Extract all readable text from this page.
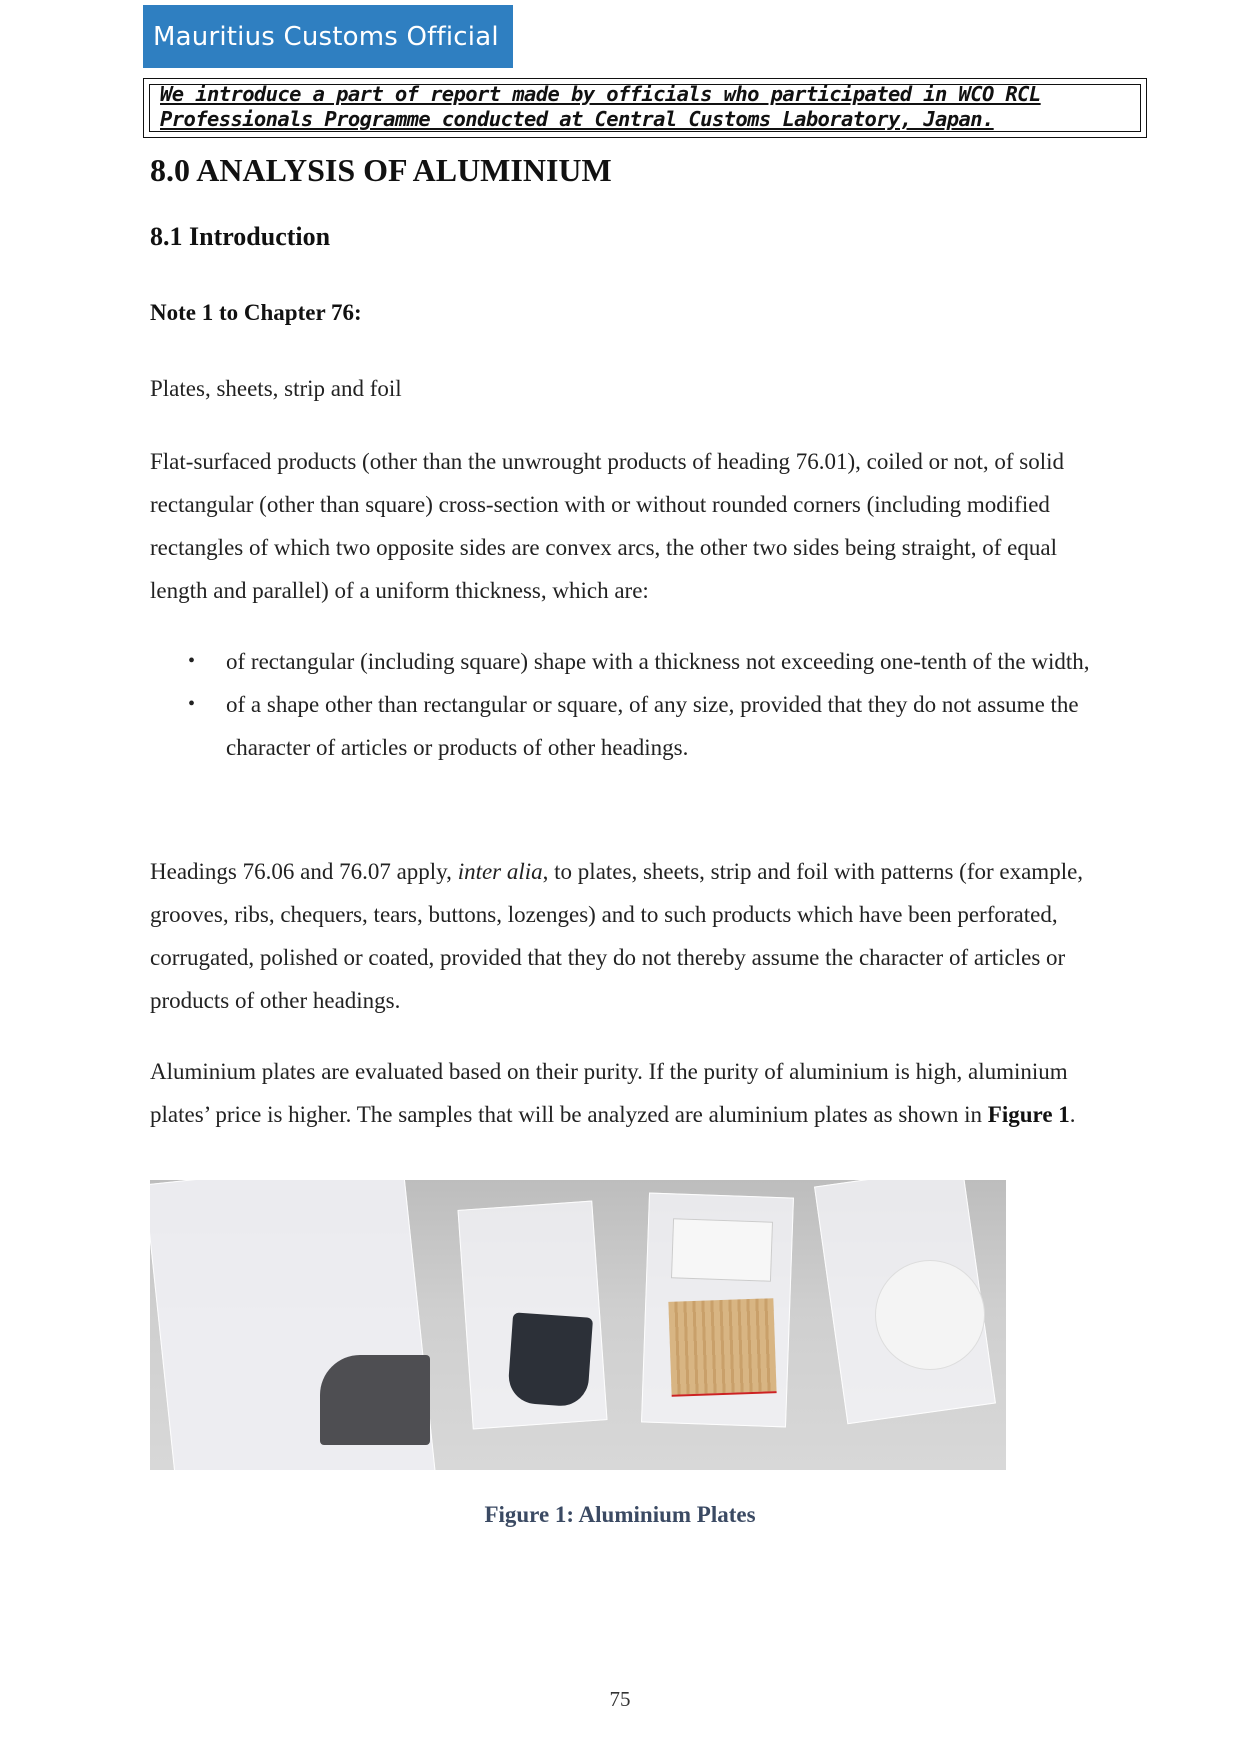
Mauritius Customs Official
We introduce a part of report made by officials who participated in WCO RCL
Professionals Programme conducted at Central Customs Laboratory, Japan.
8.0 ANALYSIS OF ALUMINIUM
8.1 Introduction
Note 1 to Chapter 76:
Plates, sheets, strip and foil
Flat-surfaced products (other than the unwrought products of heading 76.01), coiled or not, of solid rectangular (other than square) cross-section with or without rounded corners (including modified rectangles of which two opposite sides are convex arcs, the other two sides being straight, of equal length and parallel) of a uniform thickness, which are:
• of rectangular (including square) shape with a thickness not exceeding one-tenth of the width,
• of a shape other than rectangular or square, of any size, provided that they do not assume the character of articles or products of other headings.
Headings 76.06 and 76.07 apply, inter alia, to plates, sheets, strip and foil with patterns (for example, grooves, ribs, chequers, tears, buttons, lozenges) and to such products which have been perforated, corrugated, polished or coated, provided that they do not thereby assume the character of articles or products of other headings.
Aluminium plates are evaluated based on their purity. If the purity of aluminium is high, aluminium plates’ price is higher. The samples that will be analyzed are aluminium plates as shown in Figure 1.
Figure 1: Aluminium Plates
75
